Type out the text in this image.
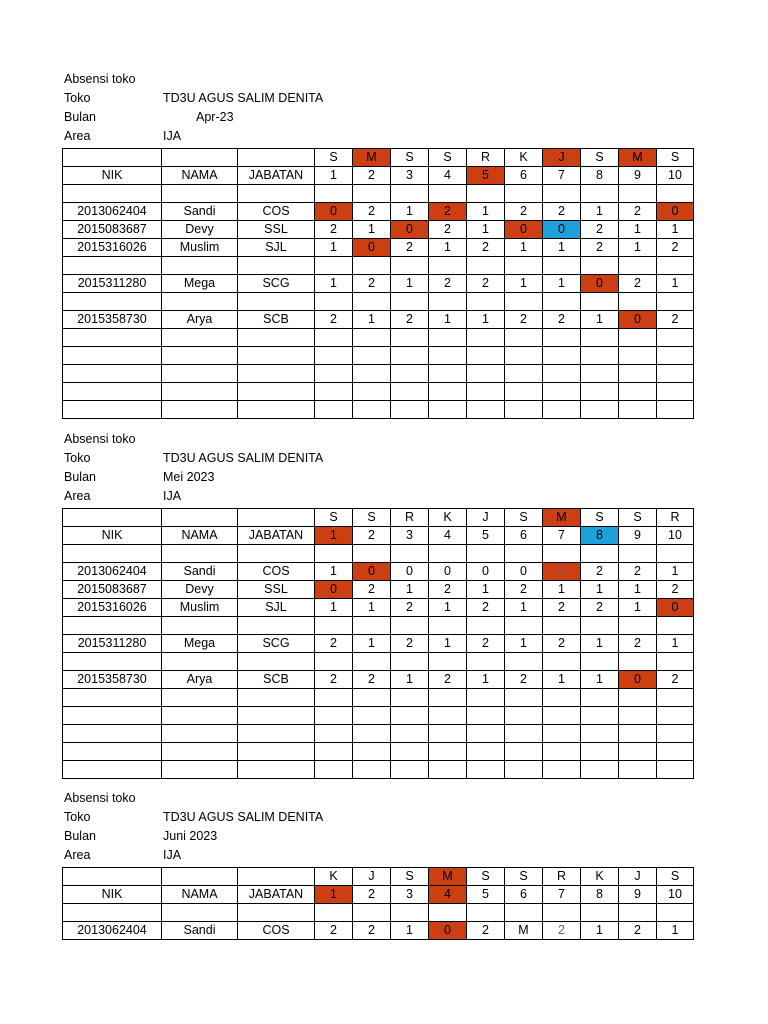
Absensi toko
Toko	TD3U AGUS SALIM DENITA
Bulan	Apr-23
Area	IJA
			S	M	S	S	R	K	J	S	M	S
NIK	NAMA	JABATAN	1	2	3	4	5	6	7	8	9	10

2013062404	Sandi	COS	0	2	1	2	1	2	2	1	2	0
2015083687	Devy	SSL	2	1	0	2	1	0	0	2	1	1
2015316026	Muslim	SJL	1	0	2	1	2	1	1	2	1	2

2015311280	Mega	SCG	1	2	1	2	2	1	1	0	2	1

2015358730	Arya	SCB	2	1	2	1	1	2	2	1	0	2

Absensi toko
Toko	TD3U AGUS SALIM DENITA
Bulan	Mei 2023
Area	IJA
			S	S	R	K	J	S	M	S	S	R
NIK	NAMA	JABATAN	1	2	3	4	5	6	7	8	9	10

2013062404	Sandi	COS	1	0	0	0	0	0	0	2	2	1
2015083687	Devy	SSL	0	2	1	2	1	2	1	1	1	2
2015316026	Muslim	SJL	1	1	2	1	2	1	2	2	1	0

2015311280	Mega	SCG	2	1	2	1	2	1	2	1	2	1

2015358730	Arya	SCB	2	2	1	2	1	2	1	1	0	2

Absensi toko
Toko	TD3U AGUS SALIM DENITA
Bulan	Juni 2023
Area	IJA
			K	J	S	M	S	S	R	K	J	S
NIK	NAMA	JABATAN	1	2	3	4	5	6	7	8	9	10

2013062404	Sandi	COS	2	2	1	0	2	M	2	1	2	1
